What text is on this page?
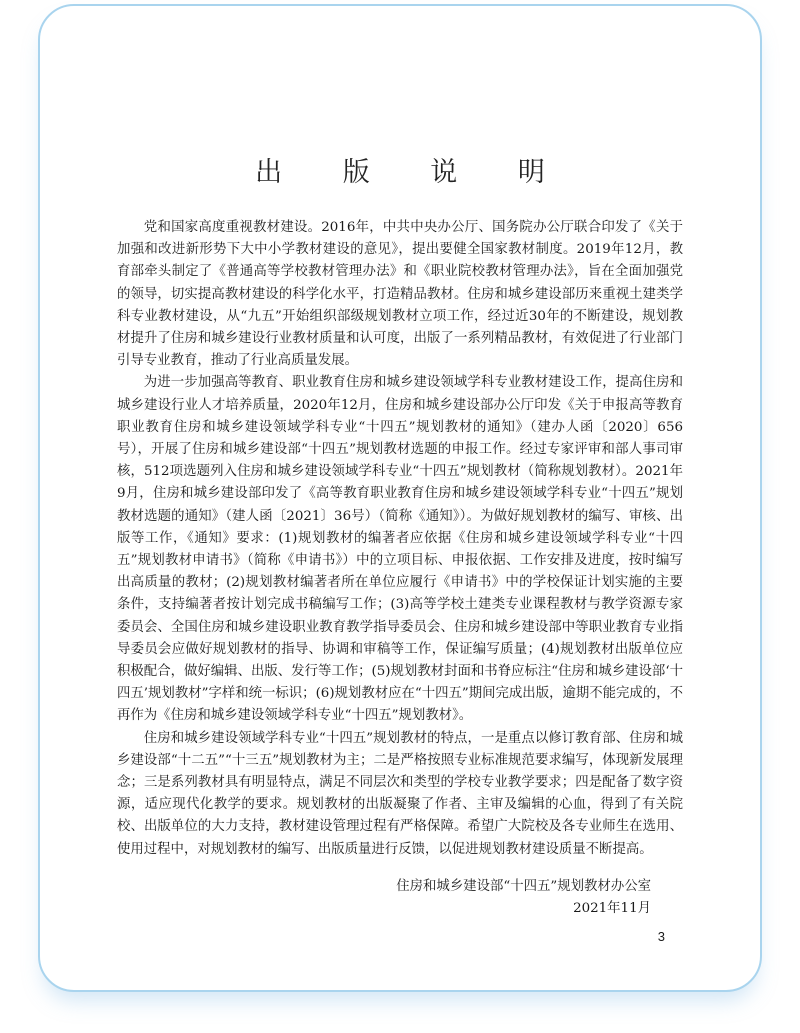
出 版 说 明

党和国家高度重视教材建设。2016年，中共中央办公厅、国务院办公厅联合印发了《关于加强和改进新形势下大中小学教材建设的意见》，提出要健全国家教材制度。2019年12月，教育部牵头制定了《普通高等学校教材管理办法》和《职业院校教材管理办法》，旨在全面加强党的领导，切实提高教材建设的科学化水平，打造精品教材。住房和城乡建设部历来重视土建类学科专业教材建设，从“九五”开始组织部级规划教材立项工作，经过近30年的不断建设，规划教材提升了住房和城乡建设行业教材质量和认可度，出版了一系列精品教材，有效促进了行业部门引导专业教育，推动了行业高质量发展。

为进一步加强高等教育、职业教育住房和城乡建设领域学科专业教材建设工作，提高住房和城乡建设行业人才培养质量，2020年12月，住房和城乡建设部办公厅印发《关于申报高等教育职业教育住房和城乡建设领域学科专业“十四五”规划教材的通知》（建办人函〔2020〕656号），开展了住房和城乡建设部“十四五”规划教材选题的申报工作。经过专家评审和部人事司审核，512项选题列入住房和城乡建设领域学科专业“十四五”规划教材（简称规划教材）。2021年9月，住房和城乡建设部印发了《高等教育职业教育住房和城乡建设领域学科专业“十四五”规划教材选题的通知》（建人函〔2021〕36号）（简称《通知》）。为做好规划教材的编写、审核、出版等工作，《通知》要求：(1)规划教材的编著者应依据《住房和城乡建设领域学科专业“十四五”规划教材申请书》（简称《申请书》）中的立项目标、申报依据、工作安排及进度，按时编写出高质量的教材；(2)规划教材编著者所在单位应履行《申请书》中的学校保证计划实施的主要条件，支持编著者按计划完成书稿编写工作；(3)高等学校土建类专业课程教材与教学资源专家委员会、全国住房和城乡建设职业教育教学指导委员会、住房和城乡建设部中等职业教育专业指导委员会应做好规划教材的指导、协调和审稿等工作，保证编写质量；(4)规划教材出版单位应积极配合，做好编辑、出版、发行等工作；(5)规划教材封面和书脊应标注“住房和城乡建设部‘十四五’规划教材”字样和统一标识；(6)规划教材应在“十四五”期间完成出版，逾期不能完成的，不再作为《住房和城乡建设领域学科专业“十四五”规划教材》。

住房和城乡建设领域学科专业“十四五”规划教材的特点，一是重点以修订教育部、住房和城乡建设部“十二五”“十三五”规划教材为主；二是严格按照专业标准规范要求编写，体现新发展理念；三是系列教材具有明显特点，满足不同层次和类型的学校专业教学要求；四是配备了数字资源，适应现代化教学的要求。规划教材的出版凝聚了作者、主审及编辑的心血，得到了有关院校、出版单位的大力支持，教材建设管理过程有严格保障。希望广大院校及各专业师生在选用、使用过程中，对规划教材的编写、出版质量进行反馈，以促进规划教材建设质量不断提高。

住房和城乡建设部“十四五”规划教材办公室

2021年11月

3
